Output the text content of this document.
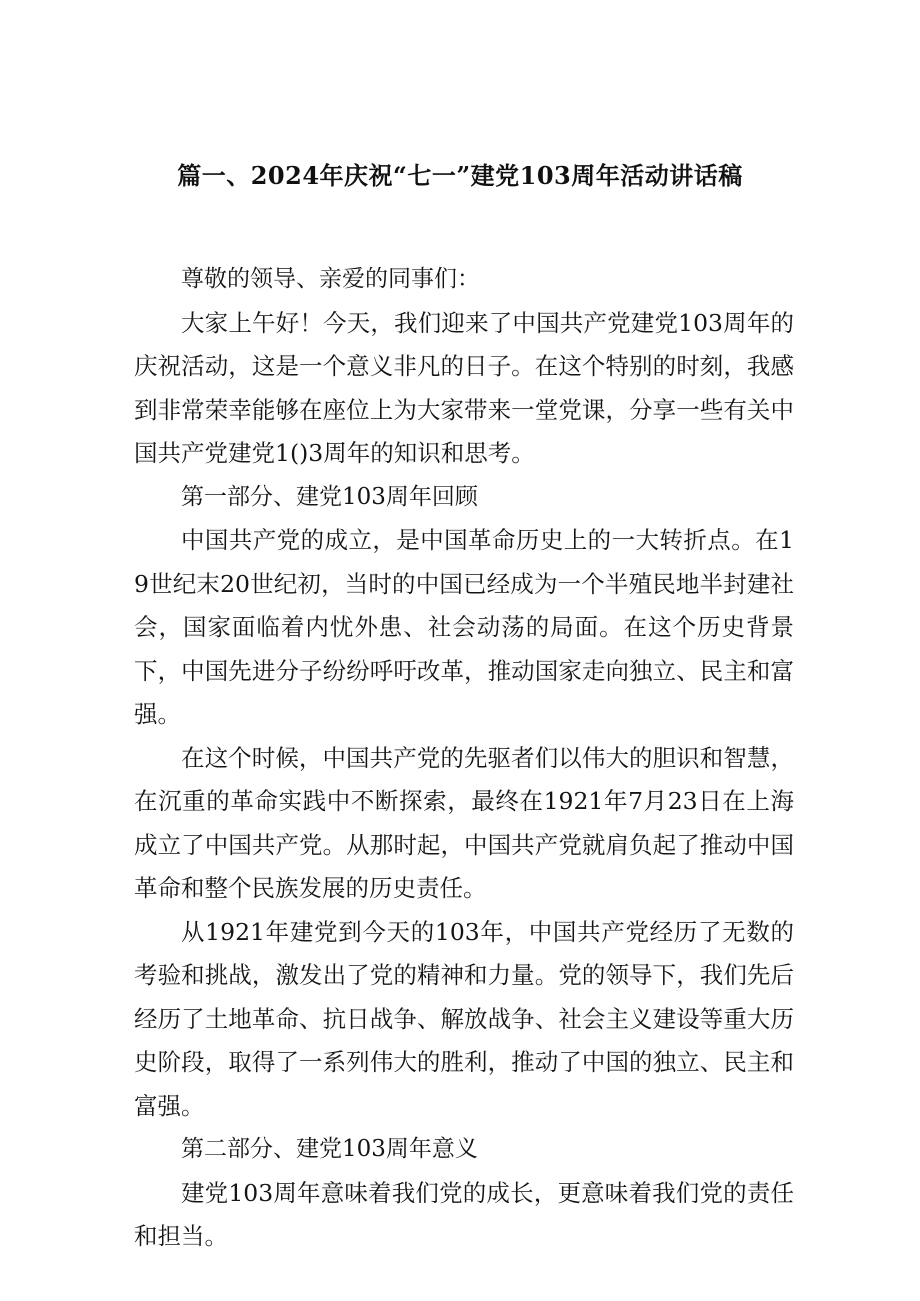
篇一、2024年庆祝“七一”建党103周年活动讲话稿

尊敬的领导、亲爱的同事们：

大家上午好！今天，我们迎来了中国共产党建党103周年的庆祝活动，这是一个意义非凡的日子。在这个特别的时刻，我感到非常荣幸能够在座位上为大家带来一堂党课，分享一些有关中国共产党建党1()3周年的知识和思考。

第一部分、建党103周年回顾

中国共产党的成立，是中国革命历史上的一大转折点。在19世纪末20世纪初，当时的中国已经成为一个半殖民地半封建社会，国家面临着内忧外患、社会动荡的局面。在这个历史背景下，中国先进分子纷纷呼吁改革，推动国家走向独立、民主和富强。

在这个时候，中国共产党的先驱者们以伟大的胆识和智慧，在沉重的革命实践中不断探索，最终在1921年7月23日在上海成立了中国共产党。从那时起，中国共产党就肩负起了推动中国革命和整个民族发展的历史责任。

从1921年建党到今天的103年，中国共产党经历了无数的考验和挑战，激发出了党的精神和力量。党的领导下，我们先后经历了土地革命、抗日战争、解放战争、社会主义建设等重大历史阶段，取得了一系列伟大的胜利，推动了中国的独立、民主和富强。

第二部分、建党103周年意义

建党103周年意味着我们党的成长，更意味着我们党的责任和担当。
